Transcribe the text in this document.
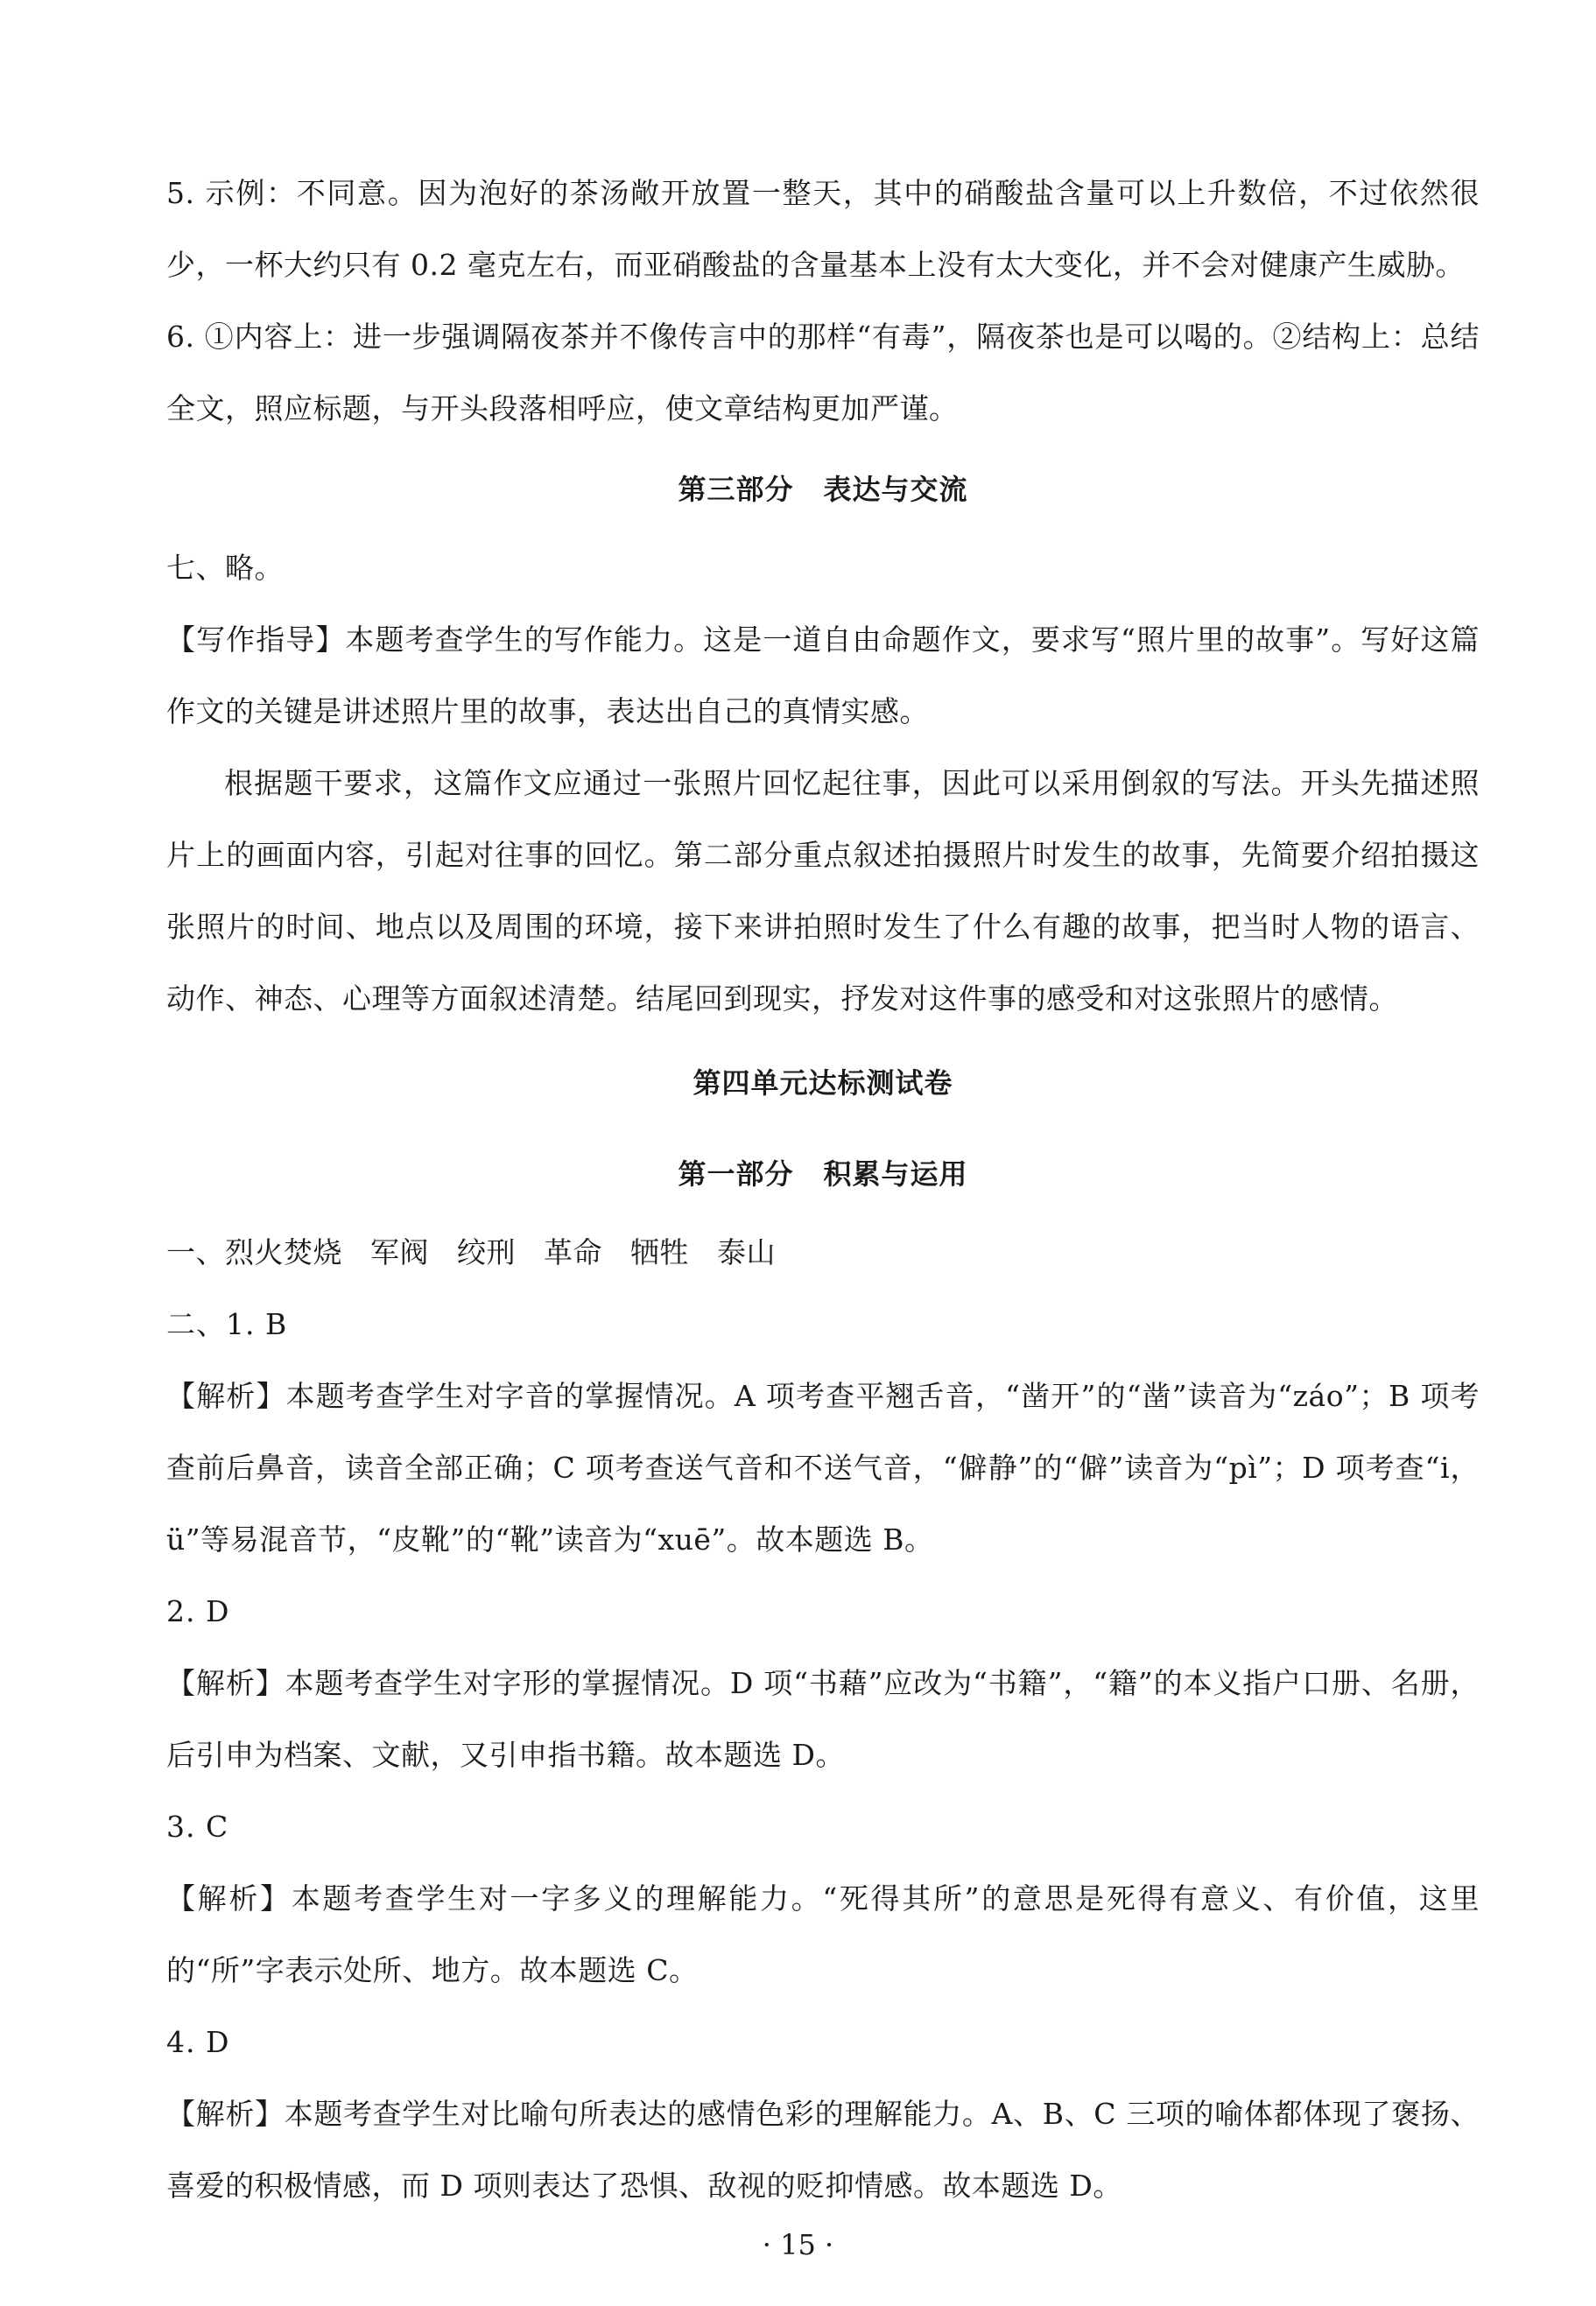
5. 示例：不同意。因为泡好的茶汤敞开放置一整天，其中的硝酸盐含量可以上升数倍，不过依然很少，一杯大约只有 0.2 毫克左右，而亚硝酸盐的含量基本上没有太大变化，并不会对健康产生威胁。

6. ①内容上：进一步强调隔夜茶并不像传言中的那样“有毒”，隔夜茶也是可以喝的。②结构上：总结全文，照应标题，与开头段落相呼应，使文章结构更加严谨。

第三部分 表达与交流

七、略。

【写作指导】本题考查学生的写作能力。这是一道自由命题作文，要求写“照片里的故事”。写好这篇作文的关键是讲述照片里的故事，表达出自己的真情实感。

根据题干要求，这篇作文应通过一张照片回忆起往事，因此可以采用倒叙的写法。开头先描述照片上的画面内容，引起对往事的回忆。第二部分重点叙述拍摄照片时发生的故事，先简要介绍拍摄这张照片的时间、地点以及周围的环境，接下来讲拍照时发生了什么有趣的故事，把当时人物的语言、动作、神态、心理等方面叙述清楚。结尾回到现实，抒发对这件事的感受和对这张照片的感情。

第四单元达标测试卷

第一部分 积累与运用

一、烈火焚烧 军阀 绞刑 革命 牺牲 泰山

二、1. B

【解析】本题考查学生对字音的掌握情况。A 项考查平翘舌音，“凿开”的“凿”读音为“záo”；B 项考查前后鼻音，读音全部正确；C 项考查送气音和不送气音，“僻静”的“僻”读音为“pì”；D 项考查“i，ü”等易混音节，“皮靴”的“靴”读音为“xuē”。故本题选 B。

2. D

【解析】本题考查学生对字形的掌握情况。D 项“书藉”应改为“书籍”，“籍”的本义指户口册、名册，后引申为档案、文献，又引申指书籍。故本题选 D。

3. C

【解析】本题考查学生对一字多义的理解能力。“死得其所”的意思是死得有意义、有价值，这里的“所”字表示处所、地方。故本题选 C。

4. D

【解析】本题考查学生对比喻句所表达的感情色彩的理解能力。A、B、C 三项的喻体都体现了褒扬、喜爱的积极情感，而 D 项则表达了恐惧、敌视的贬抑情感。故本题选 D。

· 15 ·
